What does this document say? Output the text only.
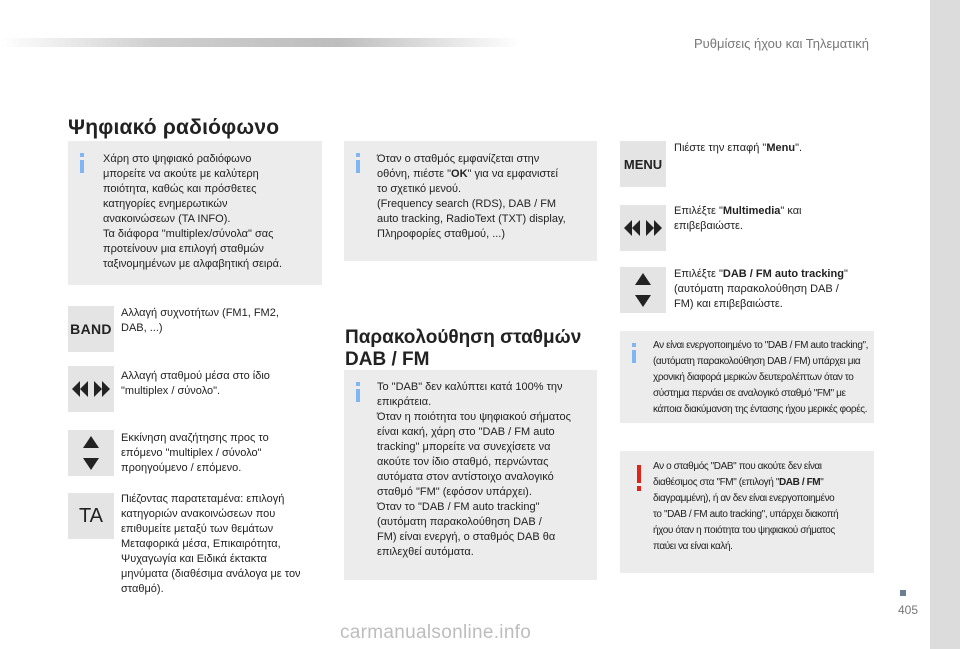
Ρυθμίσεις ήχου και Τηλεματική
Ψηφιακό ραδιόφωνο
Χάρη στο ψηφιακό ραδιόφωνο
μπορείτε να ακούτε με καλύτερη
ποιότητα, καθώς και πρόσθετες
κατηγορίες ενημερωτικών
ανακοινώσεων (TA INFO).
Τα διάφορα "multiplex/σύνολα" σας
προτείνουν μια επιλογή σταθμών
ταξινομημένων με αλφαβητική σειρά.
BAND
Αλλαγή συχνοτήτων (FM1, FM2,
DAB, ...)
Αλλαγή σταθμού μέσα στο ίδιο
"multiplex / σύνολο".
Εκκίνηση αναζήτησης προς το
επόμενο "multiplex / σύνολο"
προηγούμενο / επόμενο.
TA
Πιέζοντας παρατεταμένα: επιλογή
κατηγοριών ανακοινώσεων που
επιθυμείτε μεταξύ των θεμάτων
Μεταφορικά μέσα, Επικαιρότητα,
Ψυχαγωγία και Ειδικά έκτακτα
μηνύματα (διαθέσιμα ανάλογα με τον
σταθμό).
Όταν ο σταθμός εμφανίζεται στην
οθόνη, πιέστε "OK" για να εμφανιστεί
το σχετικό μενού.
(Frequency search (RDS), DAB / FM
auto tracking, RadioText (TXT) display,
Πληροφορίες σταθμού, ...)
Παρακολούθηση σταθμών
DAB / FM
Το "DAB" δεν καλύπτει κατά 100% την
επικράτεια.
Όταν η ποιότητα του ψηφιακού σήματος
είναι κακή, χάρη στο "DAB / FM auto
tracking" μπορείτε να συνεχίσετε να
ακούτε τον ίδιο σταθμό, περνώντας
αυτόματα στον αντίστοιχο αναλογικό
σταθμό "FM" (εφόσον υπάρχει).
Όταν το "DAB / FM auto tracking"
(αυτόματη παρακολούθηση DAB /
FM) είναι ενεργή, ο σταθμός DAB θα
επιλεχθεί αυτόματα.
MENU
Πιέστε την επαφή "Menu".
Επιλέξτε "Multimedia" και
επιβεβαιώστε.
Επιλέξτε "DAB / FM auto tracking"
(αυτόματη παρακολούθηση DAB /
FM) και επιβεβαιώστε.
Αν είναι ενεργοποιημένο το "DAB / FM auto tracking",
(αυτόματη παρακολούθηση DAB / FM) υπάρχει μια
χρονική διαφορά μερικών δευτερολέπτων όταν το
σύστημα περνάει σε αναλογικό σταθμό "FM" με
κάποια διακύμανση της έντασης ήχου μερικές φορές.
Αν ο σταθμός "DAB" που ακούτε δεν είναι
διαθέσιμος στα "FM" (επιλογή "DAB / FM"
διαγραμμένη), ή αν δεν είναι ενεργοποιημένο
το "DAB / FM auto tracking", υπάρχει διακοπή
ήχου όταν η ποιότητα του ψηφιακού σήματος
παύει να είναι καλή.
405
carmanualsonline.info
